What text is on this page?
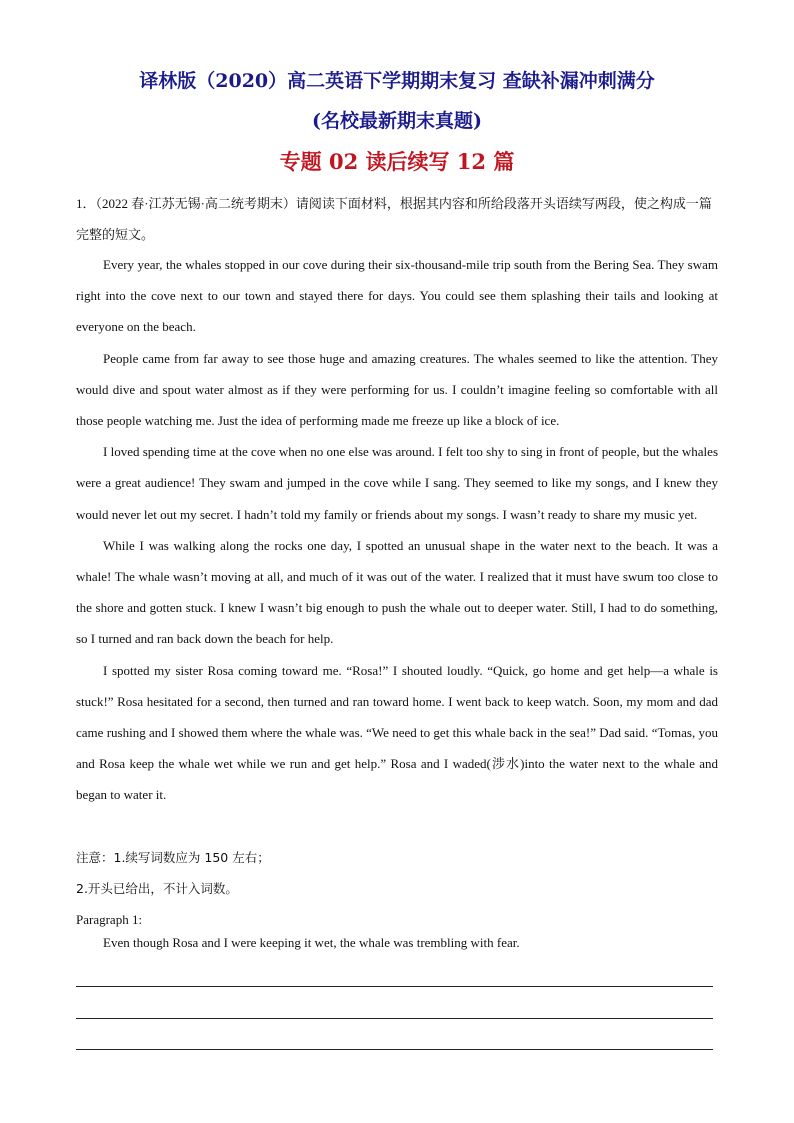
译林版（2020）高二英语下学期期末复习 查缺补漏冲刺满分
(名校最新期末真题)
专题 02 读后续写 12 篇

1．（2022 春·江苏无锡·高二统考期末）请阅读下面材料，根据其内容和所给段落开头语续写两段，使之构成一篇完整的短文。

Every year, the whales stopped in our cove during their six-thousand-mile trip south from the Bering Sea. They swam right into the cove next to our town and stayed there for days. You could see them splashing their tails and looking at everyone on the beach.

People came from far away to see those huge and amazing creatures. The whales seemed to like the attention. They would dive and spout water almost as if they were performing for us. I couldn’t imagine feeling so comfortable with all those people watching me. Just the idea of performing made me freeze up like a block of ice.

I loved spending time at the cove when no one else was around. I felt too shy to sing in front of people, but the whales were a great audience! They swam and jumped in the cove while I sang. They seemed to like my songs, and I knew they would never let out my secret. I hadn’t told my family or friends about my songs. I wasn’t ready to share my music yet.

While I was walking along the rocks one day, I spotted an unusual shape in the water next to the beach. It was a whale! The whale wasn’t moving at all, and much of it was out of the water. I realized that it must have swum too close to the shore and gotten stuck. I knew I wasn’t big enough to push the whale out to deeper water. Still, I had to do something, so I turned and ran back down the beach for help.

I spotted my sister Rosa coming toward me. “Rosa!” I shouted loudly. “Quick, go home and get help—a whale is stuck!” Rosa hesitated for a second, then turned and ran toward home. I went back to keep watch. Soon, my mom and dad came rushing and I showed them where the whale was. “We need to get this whale back in the sea!” Dad said. “Tomas, you and Rosa keep the whale wet while we run and get help.” Rosa and I waded(涉水)into the water next to the whale and began to water it.

注意：1.续写词数应为 150 左右；
2.开头已给出，不计入词数。
Paragraph 1:
Even though Rosa and I were keeping it wet, the whale was trembling with fear.
